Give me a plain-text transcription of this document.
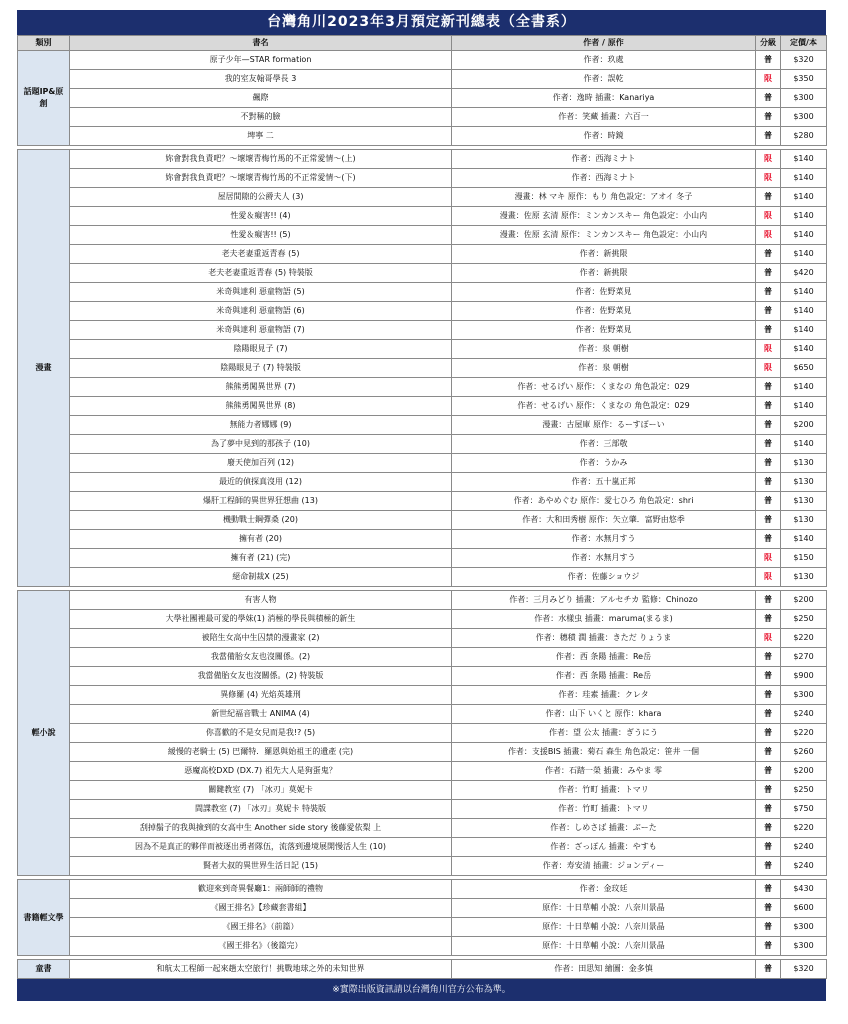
台灣角川2023年3月預定新刊總表（全書系）
類別	書名	作者 / 原作	分級	定價/本
話題IP&原創	原子少年—STAR formation	作者：玖處	普	$320
	我的室友翰哥學長 3	作者：誤乾	限	$350
	飆際	作者：逸時 插畫：Kanariya	普	$300
	不對稱的臉	作者：笑藏 插畫：六百一	普	$300
	埤寧 二	作者：時鏡	普	$280

漫畫	妳會對我負責吧？～壞壞青梅竹馬的不正常愛情～(上)	作者：西海ミナト	限	$140
	妳會對我負責吧？～壞壞青梅竹馬的不正常愛情～(下)	作者：西海ミナト	限	$140
	屋居間隙的公爵夫人 (3)	漫畫：林 マキ 原作：もり 角色設定：アオイ 冬子	普	$140
	性愛＆癡害!! (4)	漫畫：佐原 玄清 原作：ミンカンスキー 角色設定：小山内	限	$140
	性愛＆癡害!! (5)	漫畫：佐原 玄清 原作：ミンカンスキー 角色設定：小山内	限	$140
	老夫老妻重返青春 (5)	作者：新挑限	普	$140
	老夫老妻重返青春 (5) 特裝版	作者：新挑限	普	$420
	米奇與達利 惡童物語 (5)	作者：佐野菜見	普	$140
	米奇與達利 惡童物語 (6)	作者：佐野菜見	普	$140
	米奇與達利 惡童物語 (7)	作者：佐野菜見	普	$140
	陰陽眼見子 (7)	作者：泉 朝樹	限	$140
	陰陽眼見子 (7) 特裝版	作者：泉 朝樹	限	$650
	熊熊勇闖異世界 (7)	作者：せるげい 原作：くまなの 角色設定：029	普	$140
	熊熊勇闖異世界 (8)	作者：せるげい 原作：くまなの 角色設定：029	普	$140
	無能力者娜娜 (9)	漫畫：古屋庫 原作：るーすぼーい	普	$200
	為了夢中見到的那孩子 (10)	作者：三部敬	普	$140
	廢天使加百列 (12)	作者：うかみ	普	$130
	最近的偵探真沒用 (12)	作者：五十嵐正邦	普	$130
	爆肝工程師的異世界狂想曲 (13)	作者：あやめぐむ 原作：愛七ひろ 角色設定：shri	普	$130
	機動戰士鋼彈桑 (20)	作者：大和田秀樹 原作：矢立肇．富野由悠季	普	$130
	擁有者 (20)	作者：水無月すう	普	$140
	擁有者 (21) (完)	作者：水無月すう	限	$150
	絕命制裁X (25)	作者：佐藤ショウジ	限	$130

輕小說	有害人物	作者：三月みどり 插畫：アルセチカ 監修：Chinozo	普	$200
	大學社團裡最可愛的學妹(1) 消極的學長與積極的新生	作者：水樣虫 插畫：maruma(まるま)	普	$250
	被陪生女高中生囚禁的漫畫家 (2)	作者：穗積 潤 插畫：きただ りょうま	限	$220
	我當備胎女友也沒關係。(2)	作者：西 条陽 插畫：Re岳	普	$270
	我當備胎女友也沒關係。(2) 特裝版	作者：西 条陽 插畫：Re岳	普	$900
	異修羅 (4) 光焰英雄刑	作者：珪素 插畫：クレタ	普	$300
	新世紀福音戰士 ANIMA (4)	作者：山下 いくと 原作：khara	普	$240
	你喜歡的不是女兒而是我!? (5)	作者：望 公太 插畫：ぎうにう	普	$220
	緩慢的老騎士 (5) 巴爾特．羅恩與始祖王的遺產 (完)	作者：支援BIS 插畫：菊石 森生 角色設定：笹井 一個	普	$260
	惡魔高校DXD (DX.7) 祖先大人是狗蛋鬼？	作者：石踏一榮 插畫：みやま 零	普	$200
	關鍵教室 (7) 「冰刃」莫妮卡	作者：竹町 插畫：トマリ	普	$250
	間諜教室 (7) 「冰刃」莫妮卡 特裝版	作者：竹町 插畫：トマリ	普	$750
	刮掉鬍子的我與撿到的女高中生 Another side story 後藤愛依梨 上	作者：しめさば 插畫：ぶーた	普	$220
	因為不是真正的夥伴而被逐出勇者隊伍，流落到邊境展開慢活人生 (10)	作者：ざっぽん 插畫：やすも	普	$240
	賢者大叔的異世界生活日記 (15)	作者：寿安清 插畫：ジョンディー	普	$240

書籍輕文學	歡迎來到奇異餐廳1：兩師師的禮物	作者：金玟廷	普	$430
	《國王排名》【珍藏套書組】	原作：十日草輔 小說：八奈川景晶	普	$600
	《國王排名》（前篇）	原作：十日草輔 小說：八奈川景晶	普	$300
	《國王排名》（後篇完）	原作：十日草輔 小說：八奈川景晶	普	$300

童書	和航太工程師一起來趟太空旅行！挑戰地球之外的未知世界	作者：田思知 繪圖：金多慎	普	$320
※實際出版資訊請以台灣角川官方公布為準。
